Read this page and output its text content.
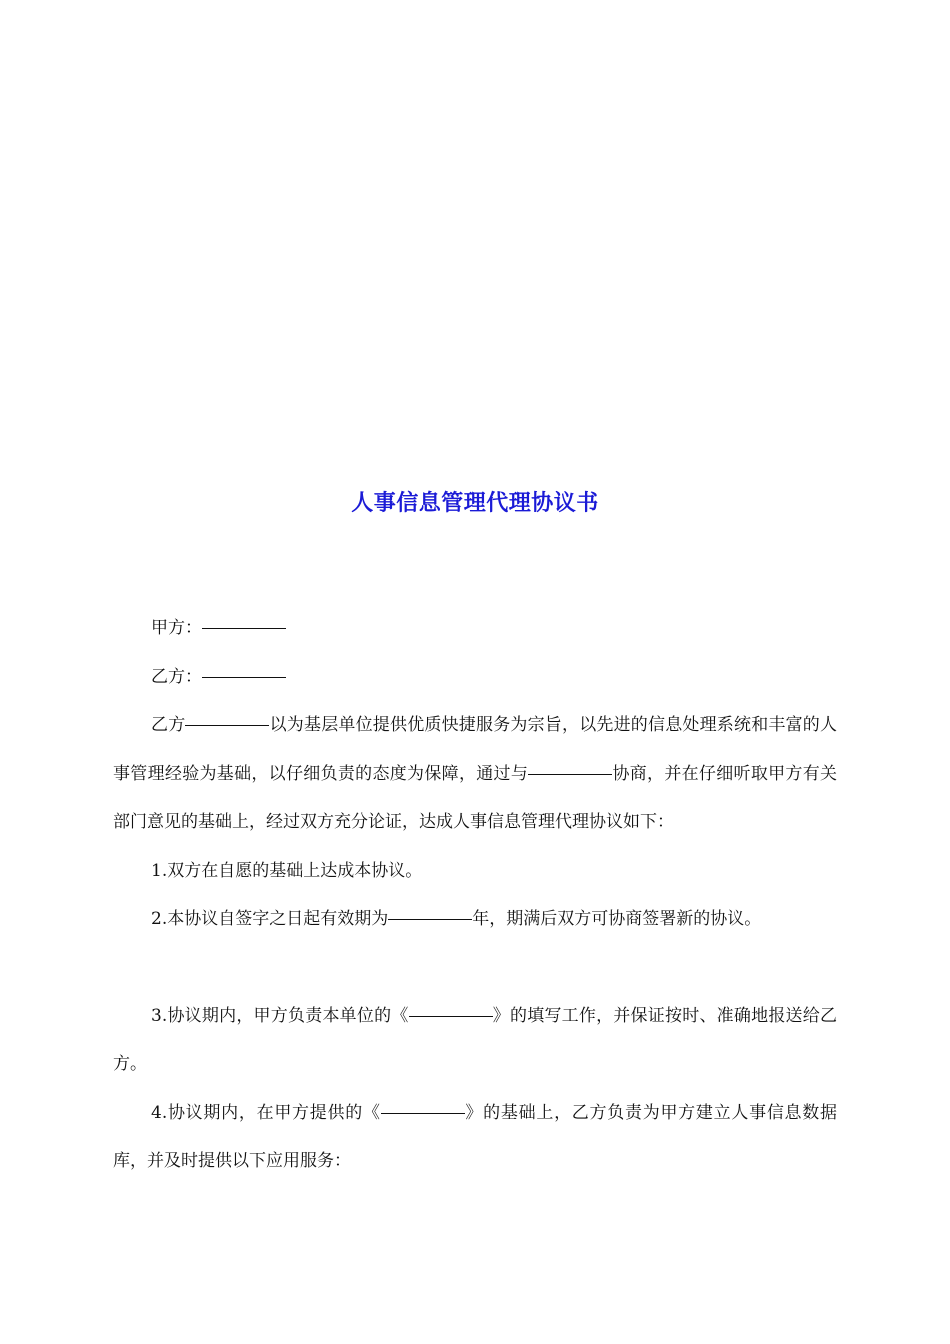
人事信息管理代理协议书

甲方：

乙方：

乙方	以为基层单位提供优质快捷服务为宗旨，以先进的信息处理系统和丰富的人事管理经验为基础，以仔细负责的态度为保障，通过与	协商，并在仔细听取甲方有关部门意见的基础上，经过双方充分论证，达成人事信息管理代理协议如下：

1.双方在自愿的基础上达成本协议。

2.本协议自签字之日起有效期为	年，期满后双方可协商签署新的协议。

3.协议期内，甲方负责本单位的《	》的填写工作，并保证按时、准确地报送给乙方。

4.协议期内，在甲方提供的《	》的基础上，乙方负责为甲方建立人事信息数据库，并及时提供以下应用服务：
